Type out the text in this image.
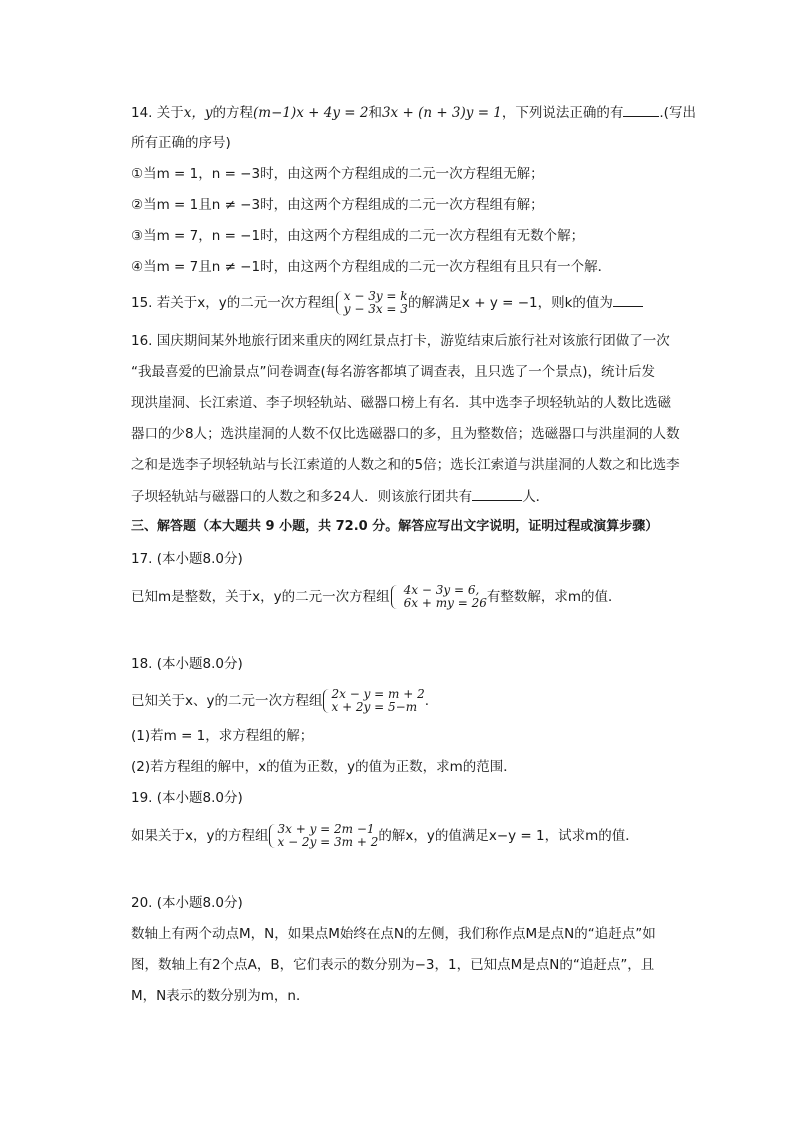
14. 关于x，y的方程(m−1)x + 4y = 2和3x + (n + 3)y = 1，下列说法正确的有	.(写出
所有正确的序号)
①当m = 1，n = −3时，由这两个方程组成的二元一次方程组无解；
②当m = 1且n ≠ −3时，由这两个方程组成的二元一次方程组有解；
③当m = 7，n = −1时，由这两个方程组成的二元一次方程组有无数个解；
④当m = 7且n ≠ −1时，由这两个方程组成的二元一次方程组有且只有一个解．
15. 若关于x，y的二元一次方程组 x − 3y = k
y − 3x = 3 的解满足x + y = −1，则k的值为
16. 国庆期间某外地旅行团来重庆的网红景点打卡，游览结束后旅行社对该旅行团做了一次
“我最喜爱的巴渝景点”问卷调查(每名游客都填了调查表，且只选了一个景点)，统计后发
现洪崖洞、长江索道、李子坝轻轨站、磁器口榜上有名．其中选李子坝轻轨站的人数比选磁
器口的少8人；选洪崖洞的人数不仅比选磁器口的多，且为整数倍；选磁器口与洪崖洞的人数
之和是选李子坝轻轨站与长江索道的人数之和的5倍；选长江索道与洪崖洞的人数之和比选李
子坝轻轨站与磁器口的人数之和多24人．则该旅行团共有	人．
三、解答题（本大题共 9 小题，共 72.0 分。解答应写出文字说明，证明过程或演算步骤）
17. (本小题8.0分)
已知m是整数，关于x，y的二元一次方程组 4x − 3y = 6,
6x + my = 26 有整数解，求m的值．
18. (本小题8.0分)
已知关于x、y的二元一次方程组 2x − y = m + 2
x + 2y = 5−m .
(1)若m = 1，求方程组的解；
(2)若方程组的解中，x的值为正数，y的值为正数，求m的范围．
19. (本小题8.0分)
如果关于x，y的方程组 3x + y = 2m −1
x − 2y = 3m + 2 的解x，y的值满足x−y = 1，试求m的值．
20. (本小题8.0分)
数轴上有两个动点M，N，如果点M始终在点N的左侧，我们称作点M是点N的“追赶点”如
图，数轴上有2个点A，B，它们表示的数分别为−3，1，已知点M是点N的“追赶点”，且
M，N表示的数分别为m，n．
